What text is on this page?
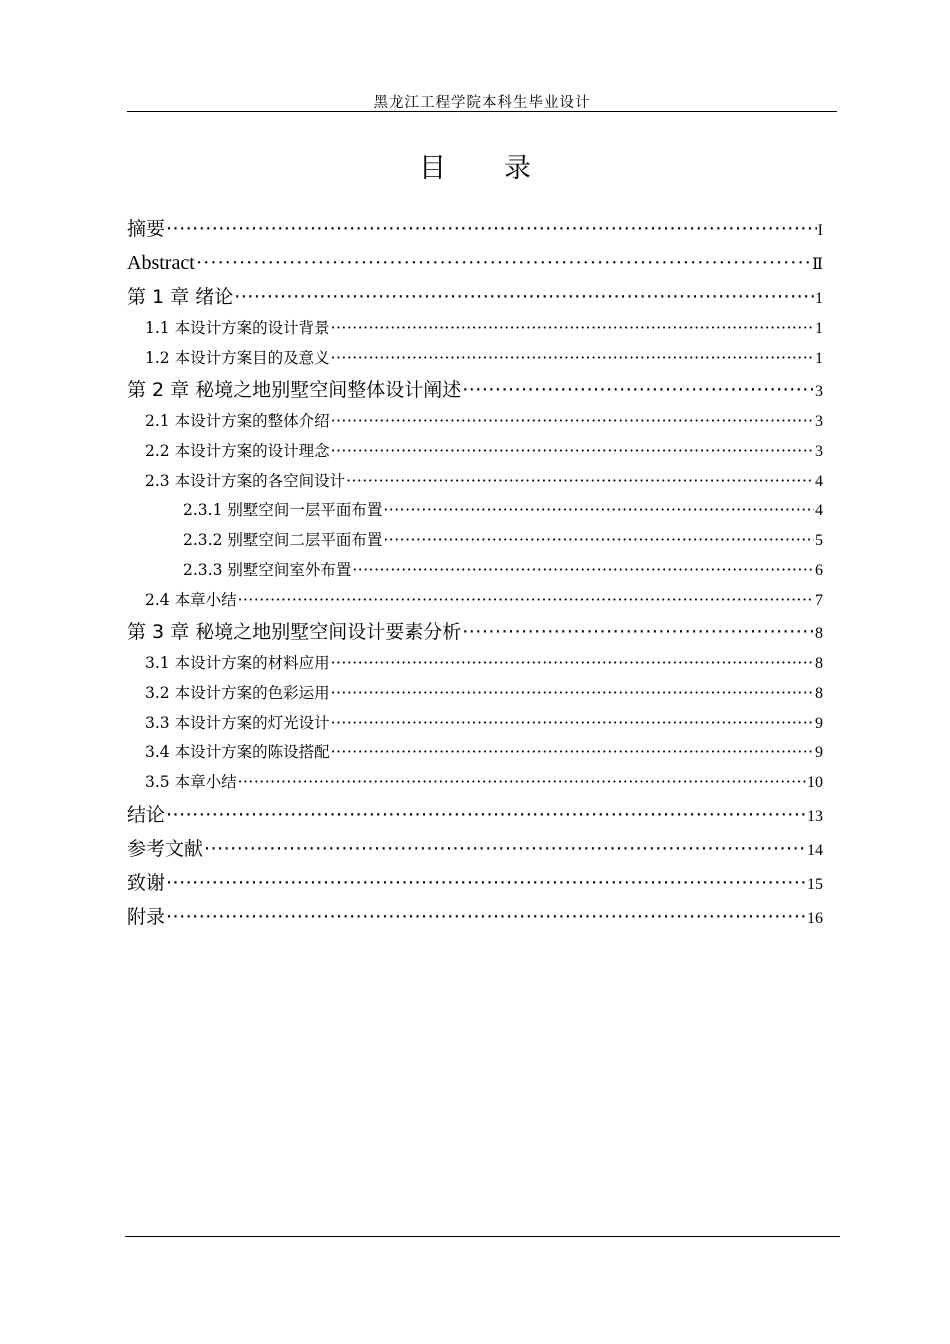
黑龙江工程学院本科生毕业设计
目 录
摘要 ·····	I
Abstract ·····	Ⅱ
第 1 章 绪论 ·····	1
1.1 本设计方案的设计背景 ·····	1
1.2 本设计方案目的及意义 ·····	1
第 2 章 秘境之地别墅空间整体设计阐述 ·····	3
2.1 本设计方案的整体介绍 ·····	3
2.2 本设计方案的设计理念 ·····	3
2.3 本设计方案的各空间设计 ·····	4
2.3.1 别墅空间一层平面布置 ·····	4
2.3.2 别墅空间二层平面布置 ·····	5
2.3.3 别墅空间室外布置 ·····	6
2.4 本章小结 ·····	7
第 3 章 秘境之地别墅空间设计要素分析 ·····	8
3.1 本设计方案的材料应用 ·····	8
3.2 本设计方案的色彩运用 ·····	8
3.3 本设计方案的灯光设计 ·····	9
3.4 本设计方案的陈设搭配 ·····	9
3.5 本章小结 ·····	10
结论 ·····	13
参考文献 ·····	14
致谢 ·····	15
附录 ·····	16
